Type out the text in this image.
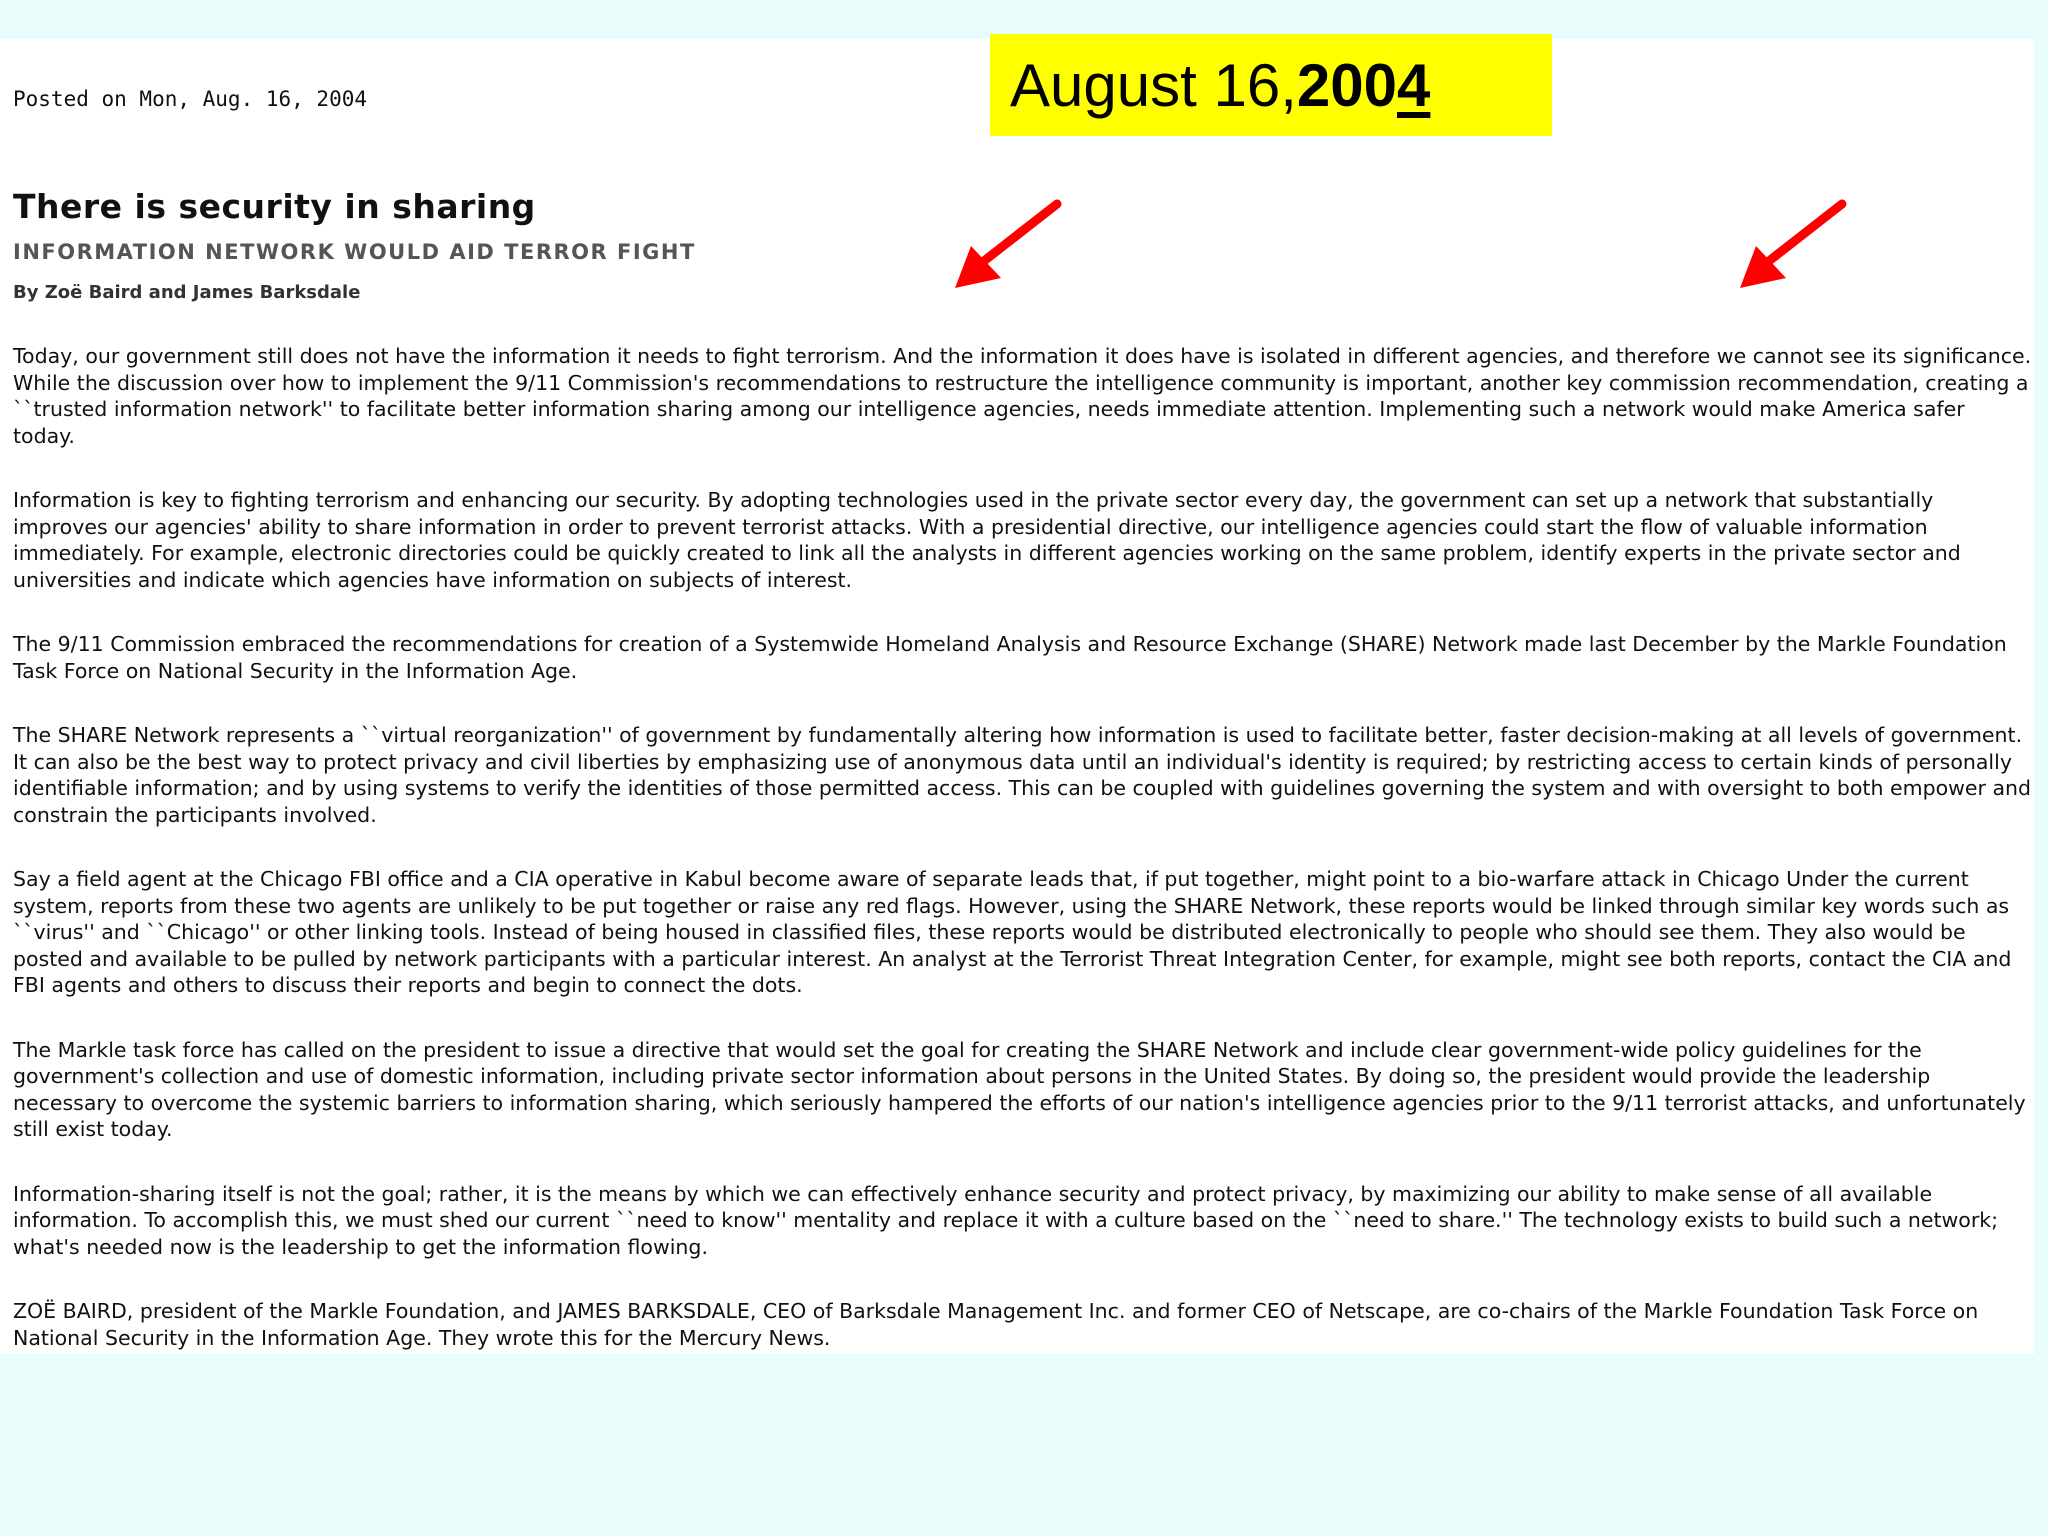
Posted on Mon, Aug. 16, 2004
There is security in sharing
INFORMATION NETWORK WOULD AID TERROR FIGHT
By Zoë Baird and James Barksdale

Today, our government still does not have the information it needs to fight terrorism. And the information it does have is isolated in different agencies, and therefore we cannot see its significance. While the discussion over how to implement the 9/11 Commission's recommendations to restructure the intelligence community is important, another key commission recommendation, creating a ``trusted information network'' to facilitate better information sharing among our intelligence agencies, needs immediate attention. Implementing such a network would make America safer today.

Information is key to fighting terrorism and enhancing our security. By adopting technologies used in the private sector every day, the government can set up a network that substantially improves our agencies' ability to share information in order to prevent terrorist attacks. With a presidential directive, our intelligence agencies could start the flow of valuable information immediately. For example, electronic directories could be quickly created to link all the analysts in different agencies working on the same problem, identify experts in the private sector and universities and indicate which agencies have information on subjects of interest.

The 9/11 Commission embraced the recommendations for creation of a Systemwide Homeland Analysis and Resource Exchange (SHARE) Network made last December by the Markle Foundation Task Force on National Security in the Information Age.

The SHARE Network represents a ``virtual reorganization'' of government by fundamentally altering how information is used to facilitate better, faster decision-making at all levels of government. It can also be the best way to protect privacy and civil liberties by emphasizing use of anonymous data until an individual's identity is required; by restricting access to certain kinds of personally identifiable information; and by using systems to verify the identities of those permitted access. This can be coupled with guidelines governing the system and with oversight to both empower and constrain the participants involved.

Say a field agent at the Chicago FBI office and a CIA operative in Kabul become aware of separate leads that, if put together, might point to a bio-warfare attack in Chicago Under the current system, reports from these two agents are unlikely to be put together or raise any red flags. However, using the SHARE Network, these reports would be linked through similar key words such as ``virus'' and ``Chicago'' or other linking tools. Instead of being housed in classified files, these reports would be distributed electronically to people who should see them. They also would be posted and available to be pulled by network participants with a particular interest. An analyst at the Terrorist Threat Integration Center, for example, might see both reports, contact the CIA and FBI agents and others to discuss their reports and begin to connect the dots.

The Markle task force has called on the president to issue a directive that would set the goal for creating the SHARE Network and include clear government-wide policy guidelines for the government's collection and use of domestic information, including private sector information about persons in the United States. By doing so, the president would provide the leadership necessary to overcome the systemic barriers to information sharing, which seriously hampered the efforts of our nation's intelligence agencies prior to the 9/11 terrorist attacks, and unfortunately still exist today.

Information-sharing itself is not the goal; rather, it is the means by which we can effectively enhance security and protect privacy, by maximizing our ability to make sense of all available information. To accomplish this, we must shed our current ``need to know'' mentality and replace it with a culture based on the ``need to share.'' The technology exists to build such a network; what's needed now is the leadership to get the information flowing.

ZOË BAIRD, president of the Markle Foundation, and JAMES BARKSDALE, CEO of Barksdale Management Inc. and former CEO of Netscape, are co-chairs of the Markle Foundation Task Force on National Security in the Information Age. They wrote this for the Mercury News.

August 16, 2004
